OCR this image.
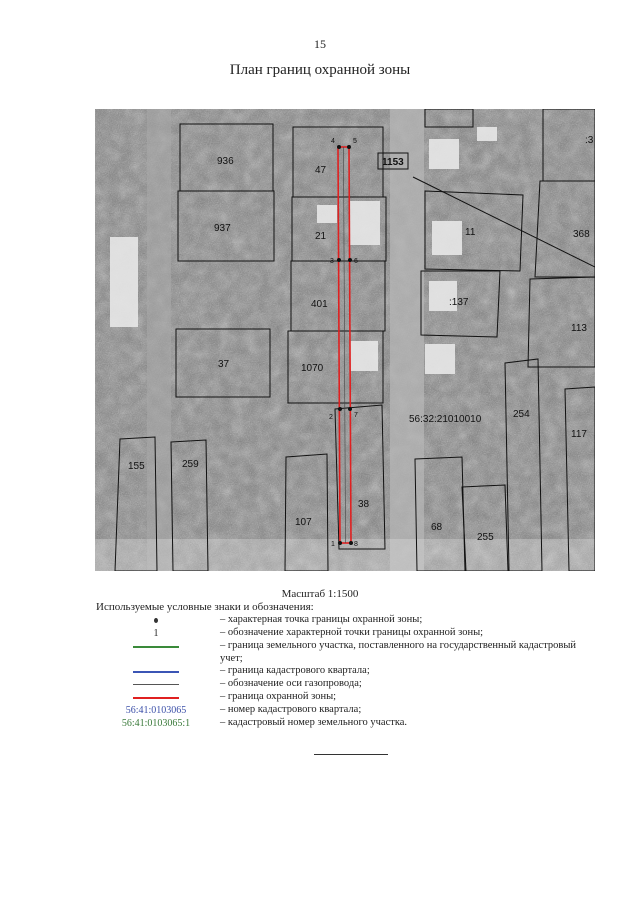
15
План границ охранной зоны
4	5
3	6
2	7
1	8
936
937
47
1153
21
401
1070
37
155	259
107
38
68
255
254
117
113
368
11
:137
:3
56:32:21010010
Масштаб 1:1500
Используемые условные знаки и обозначения:
– характерная точка границы охранной зоны;
1	– обозначение характерной точки границы охранной зоны;
– граница земельного участка, поставленного на государственный кадастровый учет;
– граница кадастрового квартала;
– обозначение оси газопровода;
– граница охранной зоны;
56:41:0103065	– номер кадастрового квартала;
56:41:0103065:1	– кадастровый номер земельного участка.
